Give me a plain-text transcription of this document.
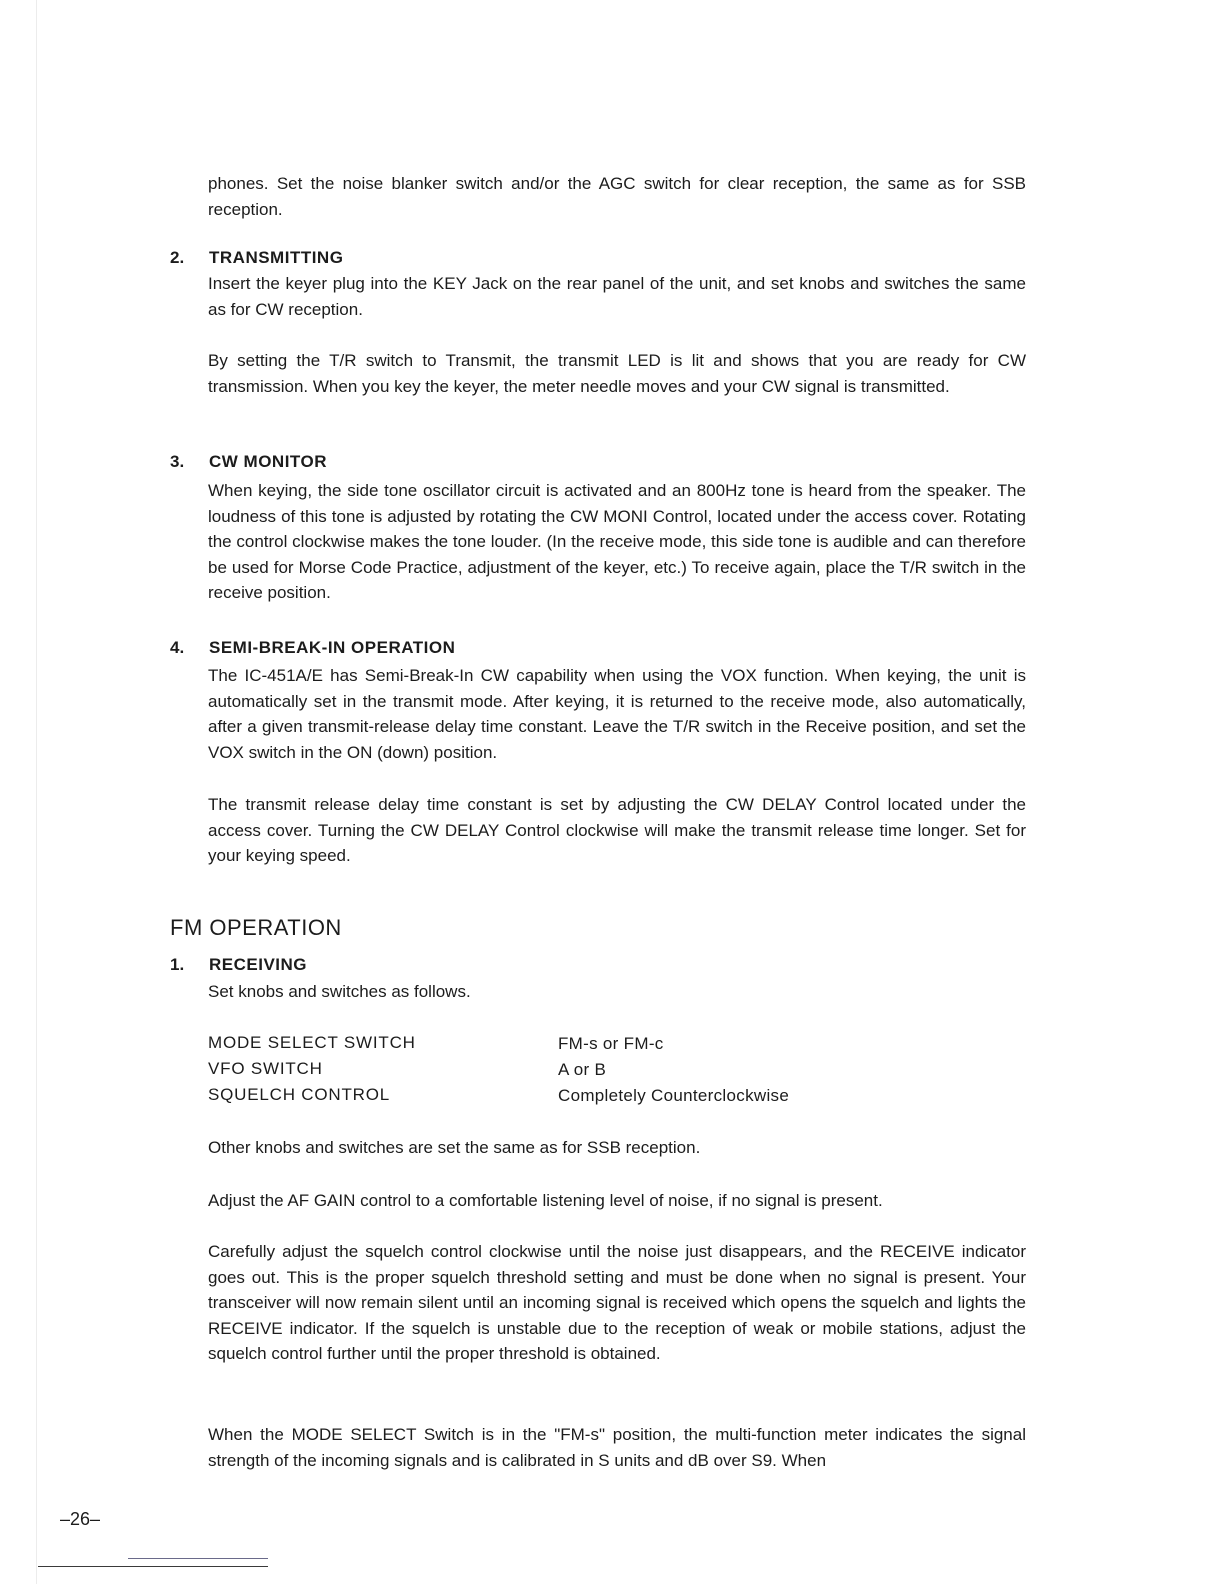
phones. Set the noise blanker switch and/or the AGC switch for clear reception, the same as for SSB reception.

2. TRANSMITTING

Insert the keyer plug into the KEY Jack on the rear panel of the unit, and set knobs and switches the same as for CW reception.

By setting the T/R switch to Transmit, the transmit LED is lit and shows that you are ready for CW transmission. When you key the keyer, the meter needle moves and your CW signal is transmitted.

3. CW MONITOR

When keying, the side tone oscillator circuit is activated and an 800Hz tone is heard from the speaker. The loudness of this tone is adjusted by rotating the CW MONI Control, located under the access cover. Rotating the control clockwise makes the tone louder. (In the receive mode, this side tone is audible and can therefore be used for Morse Code Practice, adjustment of the keyer, etc.) To receive again, place the T/R switch in the receive position.

4. SEMI-BREAK-IN OPERATION

The IC-451A/E has Semi-Break-In CW capability when using the VOX function. When keying, the unit is automatically set in the transmit mode. After keying, it is returned to the receive mode, also automatically, after a given transmit-release delay time constant. Leave the T/R switch in the Receive position, and set the VOX switch in the ON (down) position.

The transmit release delay time constant is set by adjusting the CW DELAY Control located under the access cover. Turning the CW DELAY Control clockwise will make the transmit release time longer. Set for your keying speed.

FM OPERATION
1. RECEIVING

Set knobs and switches as follows.

MODE SELECT SWITCH	FM-s or FM-c
VFO SWITCH	A or B
SQUELCH CONTROL	Completely Counterclockwise

Other knobs and switches are set the same as for SSB reception.

Adjust the AF GAIN control to a comfortable listening level of noise, if no signal is present.

Carefully adjust the squelch control clockwise until the noise just disappears, and the RECEIVE indicator goes out. This is the proper squelch threshold setting and must be done when no signal is present. Your transceiver will now remain silent until an incoming signal is received which opens the squelch and lights the RECEIVE indicator. If the squelch is unstable due to the reception of weak or mobile stations, adjust the squelch control further until the proper threshold is obtained.

When the MODE SELECT Switch is in the "FM-s" position, the multi-function meter indicates the signal strength of the incoming signals and is calibrated in S units and dB over S9. When

–26–
